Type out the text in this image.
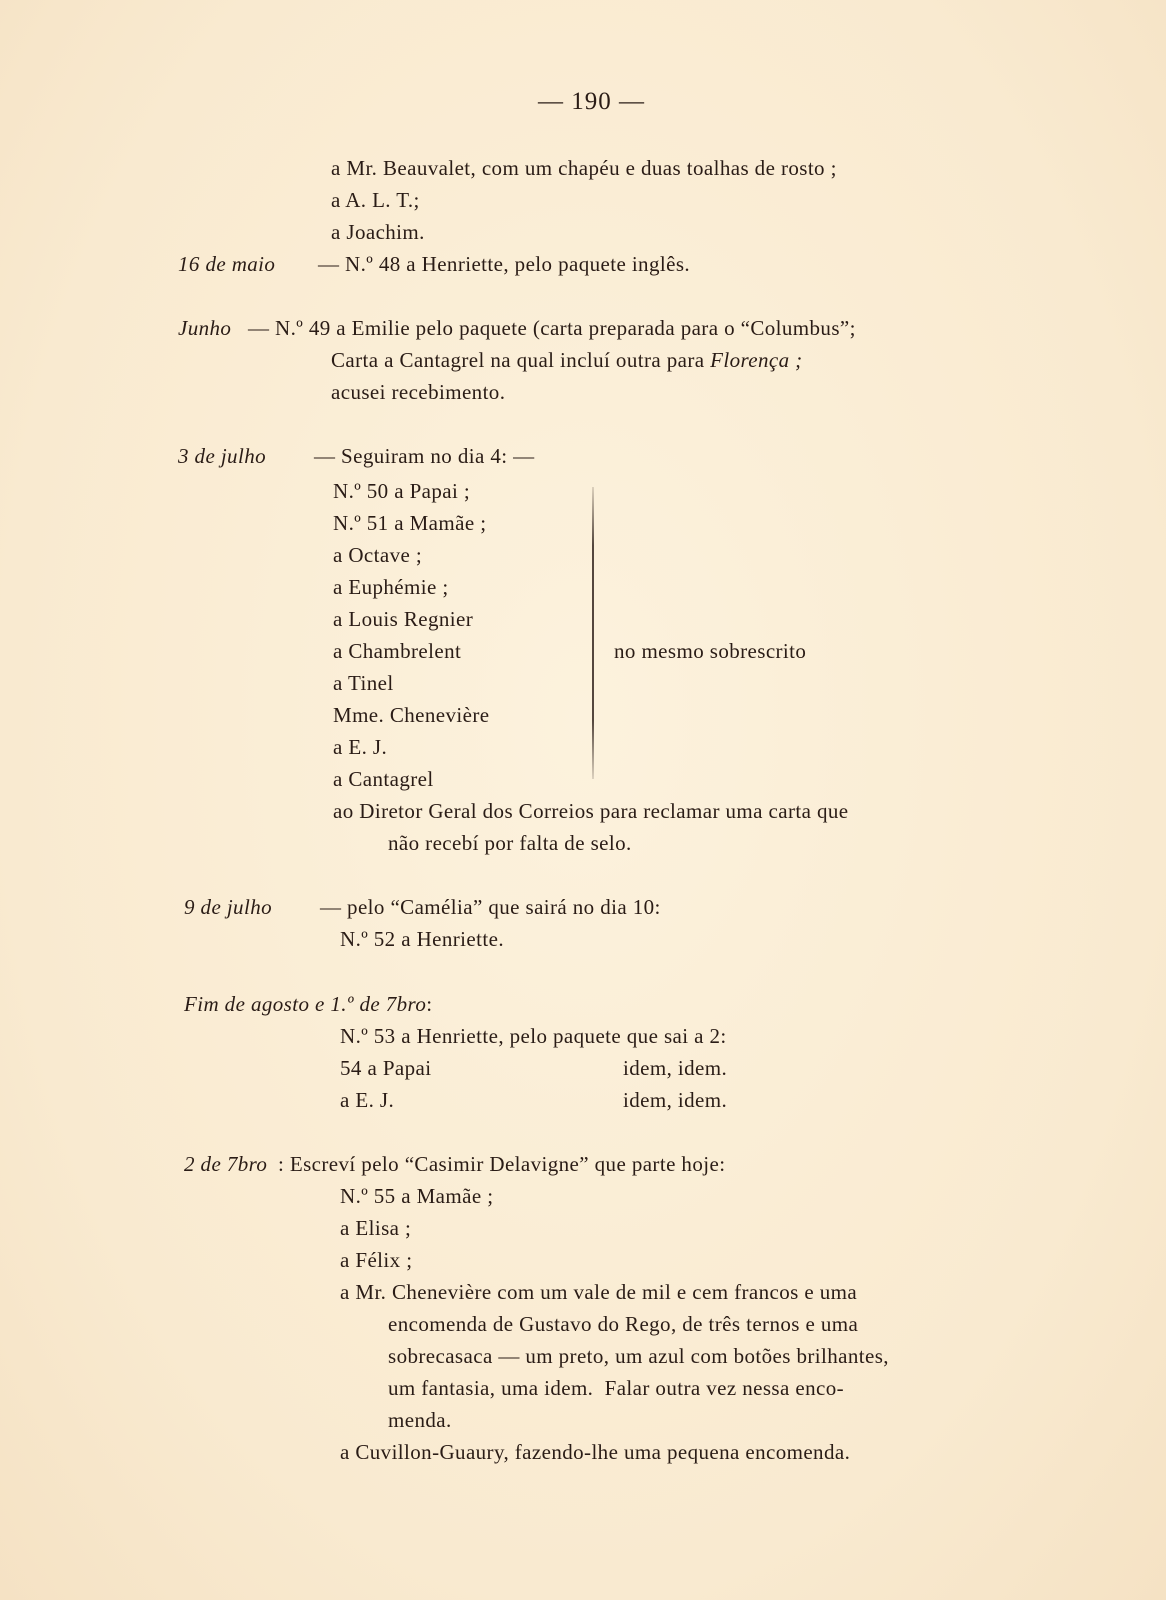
— 190 —
a Mr. Beauvalet, com um chapéu e duas toalhas de rosto ;
a A. L. T.;
a Joachim.
16 de maio — N.º 48 a Henriette, pelo paquete inglês.
Junho — N.º 49 a Emilie pelo paquete (carta preparada para o “Columbus”;
Carta a Cantagrel na qual incluí outra para Florença ;
acusei recebimento.
3 de julho — Seguiram no dia 4: —
N.º 50 a Papai ;
N.º 51 a Mamãe ;
a Octave ;
a Euphémie ;
a Louis Regnier
a Chambrelent
a Tinel
Mme. Chenevière
a E. J.
a Cantagrel
no mesmo sobrescrito
ao Diretor Geral dos Correios para reclamar uma carta que
não recebí por falta de selo.
9 de julho — pelo “Camélia” que sairá no dia 10:
N.º 52 a Henriette.
Fim de agosto e 1.º de 7bro:
N.º 53 a Henriette, pelo paquete que sai a 2:
54 a Papai	idem, idem.
a E. J.	idem, idem.
2 de 7bro : Escreví pelo “Casimir Delavigne” que parte hoje:
N.º 55 a Mamãe ;
a Elisa ;
a Félix ;
a Mr. Chenevière com um vale de mil e cem francos e uma
encomenda de Gustavo do Rego, de três ternos e uma
sobrecasaca — um preto, um azul com botões brilhantes,
um fantasia, uma idem.  Falar outra vez nessa enco-
menda.
a Cuvillon-Guaury, fazendo-lhe uma pequena encomenda.
